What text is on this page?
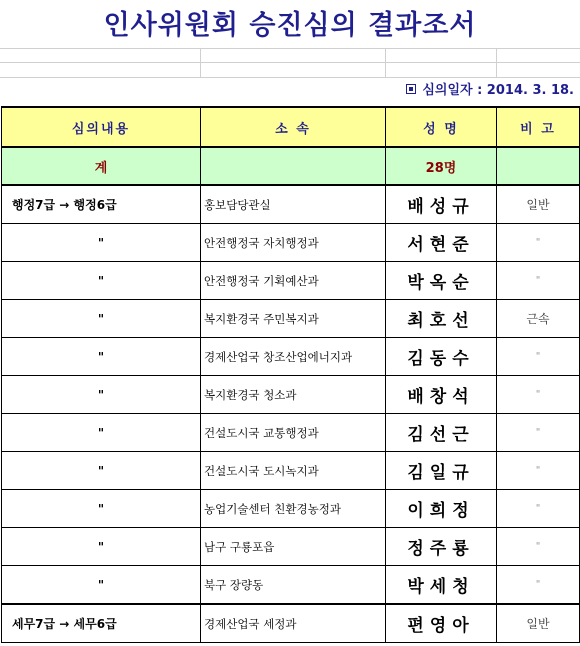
인사위원회 승진심의 결과조서
심의일자 : 2014. 3. 18.
심의내용	소 속	성 명	비 고
계		28명	
행정7급 → 행정6급	홍보담당관실	배성규	일반
"	안전행정국 자치행정과	서현준	"
"	안전행정국 기획예산과	박옥순	"
"	복지환경국 주민복지과	최호선	근속
"	경제산업국 창조산업에너지과	김동수	"
"	복지환경국 청소과	배창석	"
"	건설도시국 교통행정과	김선근	"
"	건설도시국 도시녹지과	김일규	"
"	농업기술센터 친환경농정과	이희정	"
"	남구 구룡포읍	정주룡	"
"	북구 장량동	박세청	"
세무7급 → 세무6급	경제산업국 세정과	편영아	일반
